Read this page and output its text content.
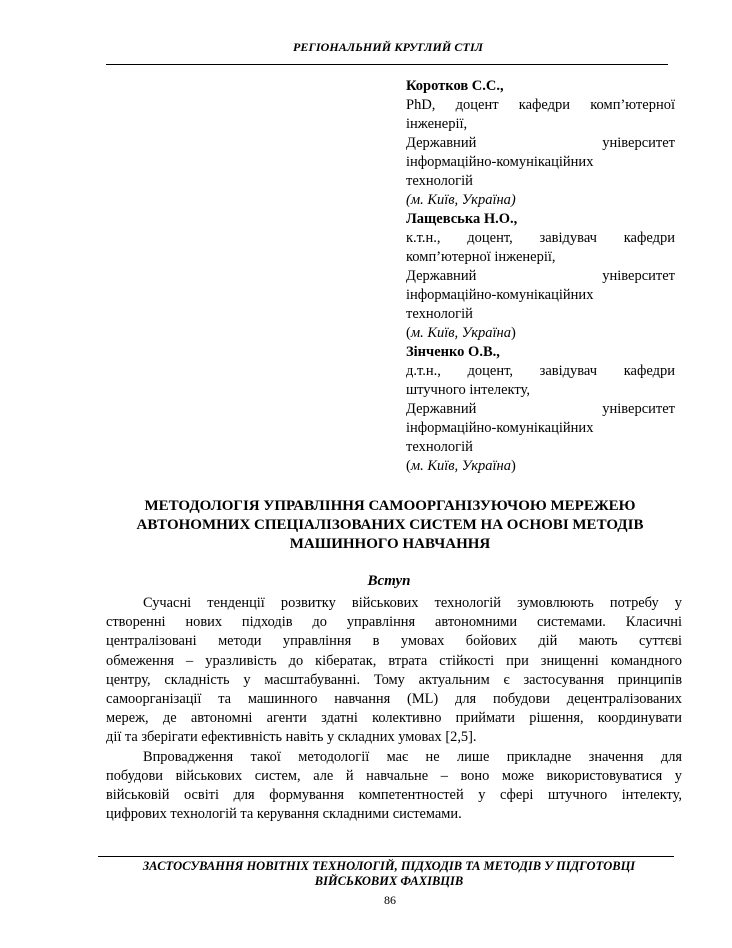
РЕГІОНАЛЬНИЙ КРУГЛИЙ СТІЛ
Коротков С.С.,
PhD, доцент кафедри комп’ютерної
інженерії,
Державний університет
інформаційно-комунікаційних
технологій
(м. Київ, Україна)
Лащевська Н.О.,
к.т.н., доцент, завідувач кафедри
комп’ютерної інженерії,
Державний університет
інформаційно-комунікаційних
технологій
(м. Київ, Україна)
Зінченко О.В.,
д.т.н., доцент, завідувач кафедри
штучного інтелекту,
Державний університет
інформаційно-комунікаційних
технологій
(м. Київ, Україна)
МЕТОДОЛОГІЯ УПРАВЛІННЯ САМООРГАНІЗУЮЧОЮ МЕРЕЖЕЮ
АВТОНОМНИХ СПЕЦІАЛІЗОВАНИХ СИСТЕМ НА ОСНОВІ МЕТОДІВ
МАШИННОГО НАВЧАННЯ
Вступ
Сучасні тенденції розвитку військових технологій зумовлюють потребу у
створенні нових підходів до управління автономними системами. Класичні
централізовані методи управління в умовах бойових дій мають суттєві
обмеження – уразливість до кібератак, втрата стійкості при знищенні командного
центру, складність у масштабуванні. Тому актуальним є застосування принципів
самоорганізації та машинного навчання (ML) для побудови децентралізованих
мереж, де автономні агенти здатні колективно приймати рішення, координувати
дії та зберігати ефективність навіть у складних умовах [2,5].
Впровадження такої методології має не лише прикладне значення для
побудови військових систем, але й навчальне – воно може використовуватися у
військовій освіті для формування компетентностей у сфері штучного інтелекту,
цифрових технологій та керування складними системами.
ЗАСТОСУВАННЯ НОВІТНІХ ТЕХНОЛОГІЙ, ПІДХОДІВ ТА МЕТОДІВ У ПІДГОТОВЦІ
ВІЙСЬКОВИХ ФАХІВЦІВ
86
